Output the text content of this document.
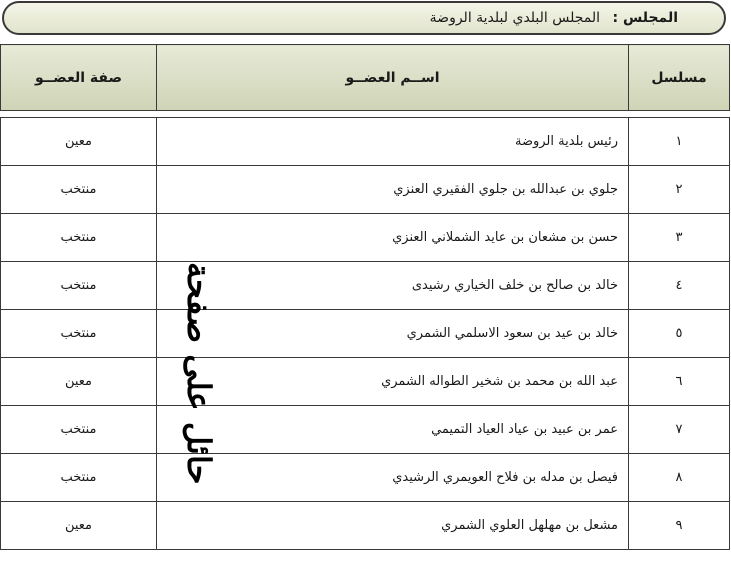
المجلس : المجلس البلدي لبلدية الروضة
مسلسل	اســم العضــو	صفة العضــو
١	رئيس بلدية الروضة	معين
٢	جلوي بن عبدالله بن جلوي الفقيري العنزي	منتخب
٣	حسن بن مشعان بن عايد الشملاني العنزي	منتخب
٤	خالد بن صالح بن خلف الخياري رشيدى	منتخب
٥	خالد بن عيد بن سعود الاسلمي الشمري	منتخب
٦	عبد الله بن محمد بن شخير الطواله الشمري	معين
٧	عمر بن عبيد بن عياد العياد التميمي	منتخب
٨	فيصل بن مدله بن فلاح العويمري الرشيدي	منتخب
٩	مشعل بن مهلهل العلوي الشمري	معين
حائل على صفحة
